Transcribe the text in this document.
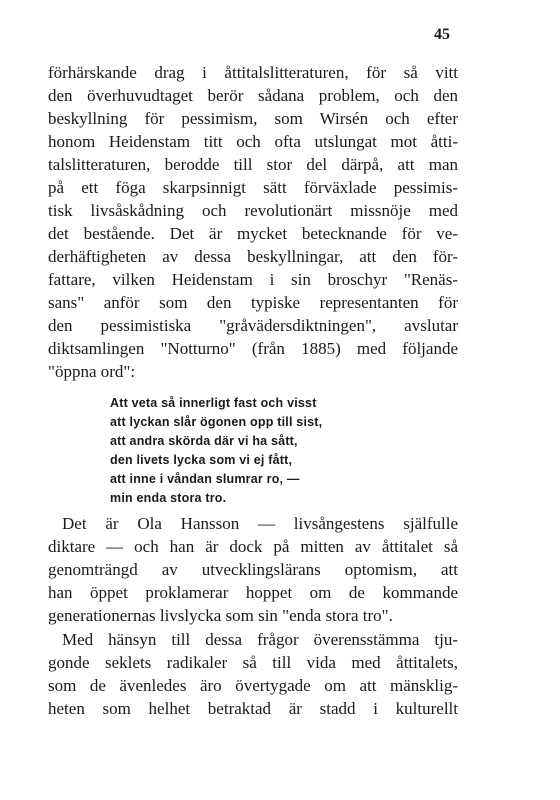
45
förhärskande drag i åttitalslitteraturen, för så vitt
den överhuvudtaget berör sådana problem, och den
beskyllning för pessimism, som Wirsén och efter
honom Heidenstam titt och ofta utslungat mot åtti-
talslitteraturen, berodde till stor del därpå, att man
på ett föga skarpsinnigt sätt förväxlade pessimis-
tisk livsåskådning och revolutionärt missnöje med
det bestående. Det är mycket betecknande för ve-
derhäftigheten av dessa beskyllningar, att den för-
fattare, vilken Heidenstam i sin broschyr "Renäs-
sans" anför som den typiske representanten för
den pessimistiska "gråvädersdiktningen", avslutar
diktsamlingen "Notturno" (från 1885) med följande
"öppna ord":
Att veta så innerligt fast och visst
att lyckan slår ögonen opp till sist,
att andra skörda där vi ha sått,
den livets lycka som vi ej fått,
att inne i våndan slumrar ro, —
min enda stora tro.
Det är Ola Hansson — livsångestens själfulle
diktare — och han är dock på mitten av åttitalet så
genomträngd av utvecklingslärans optomism, att
han öppet proklamerar hoppet om de kommande
generationernas livslycka som sin "enda stora tro".
Med hänsyn till dessa frågor överensstämma tju-
gonde seklets radikaler så till vida med åttitalets,
som de ävenledes äro övertygade om att mänsklig-
heten som helhet betraktad är stadd i kulturellt
